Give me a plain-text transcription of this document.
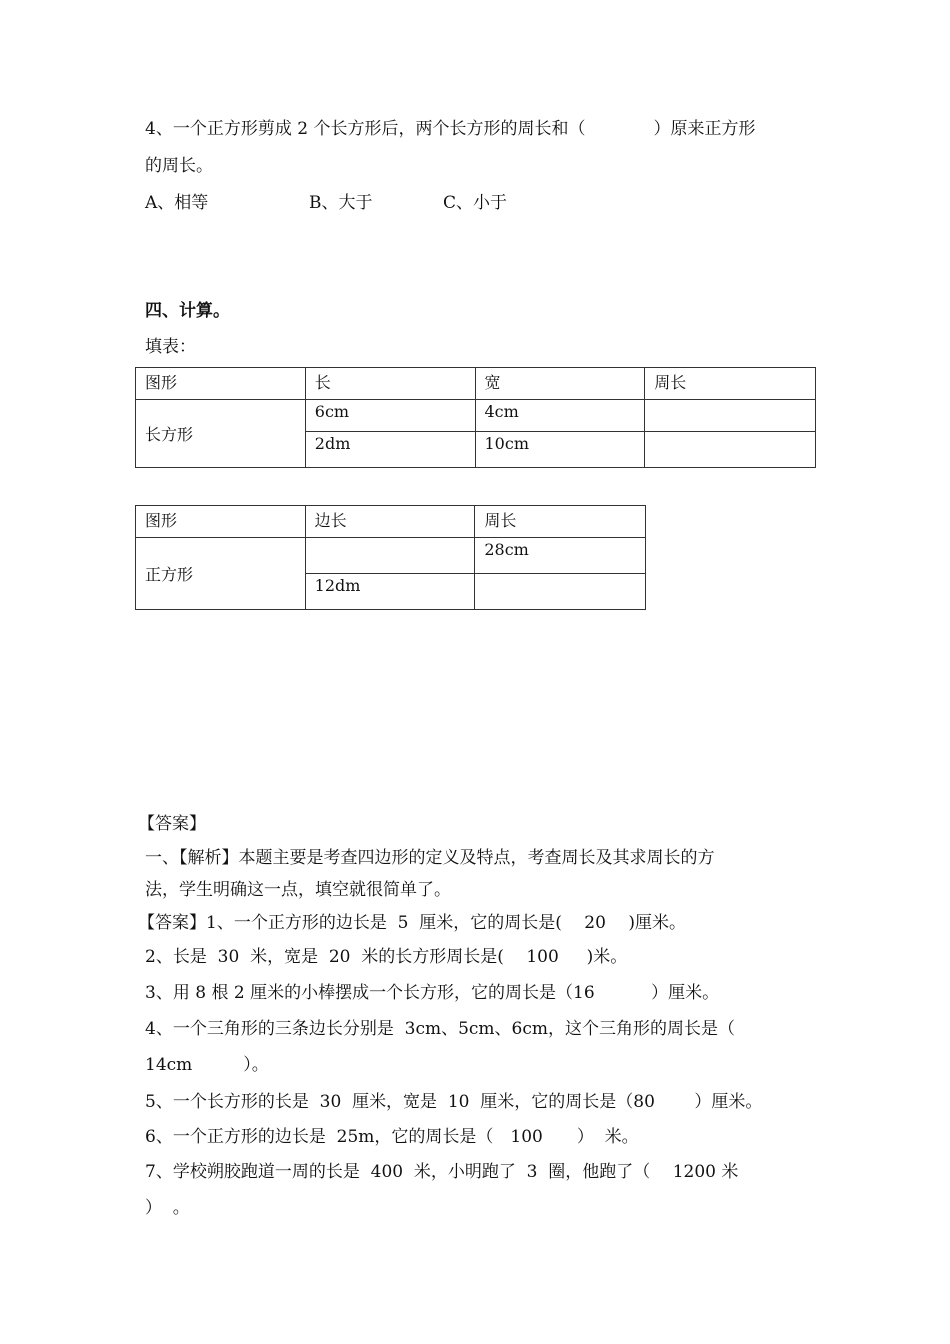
4、一个正方形剪成 2 个长方形后，两个长方形的周长和（　　　　）原来正方形
的周长。
A、相等	B、大于	C、小于
四、计算。
填表：
图形	长	宽	周长
长方形	6cm	4cm	
	2dm	10cm	
图形	边长	周长
正方形		28cm
	12dm	
【答案】
一、【解析】本题主要是考查四边形的定义及特点，考查周长及其求周长的方
法，学生明确这一点，填空就很简单了。
【答案】1、一个正方形的边长是  5  厘米，它的周长是(　 20　 )厘米。
2、长是  30  米，宽是  20  米的长方形周长是(　 100　  )米。
3、用 8 根 2 厘米的小棒摆成一个长方形，它的周长是（16　　　 ）厘米。
4、一个三角形的三条边长分别是  3cm、5cm、6cm，这个三角形的周长是（
14cm　　　）。
5、一个长方形的长是  30  厘米，宽是  10  厘米，它的周长是（80　　 ）厘米。
6、一个正方形的边长是  25m，它的周长是（　100　　）  米。
7、学校朔胶跑道一周的长是  400  米，小明跑了  3  圈，他跑了（　 1200 米
）  。
